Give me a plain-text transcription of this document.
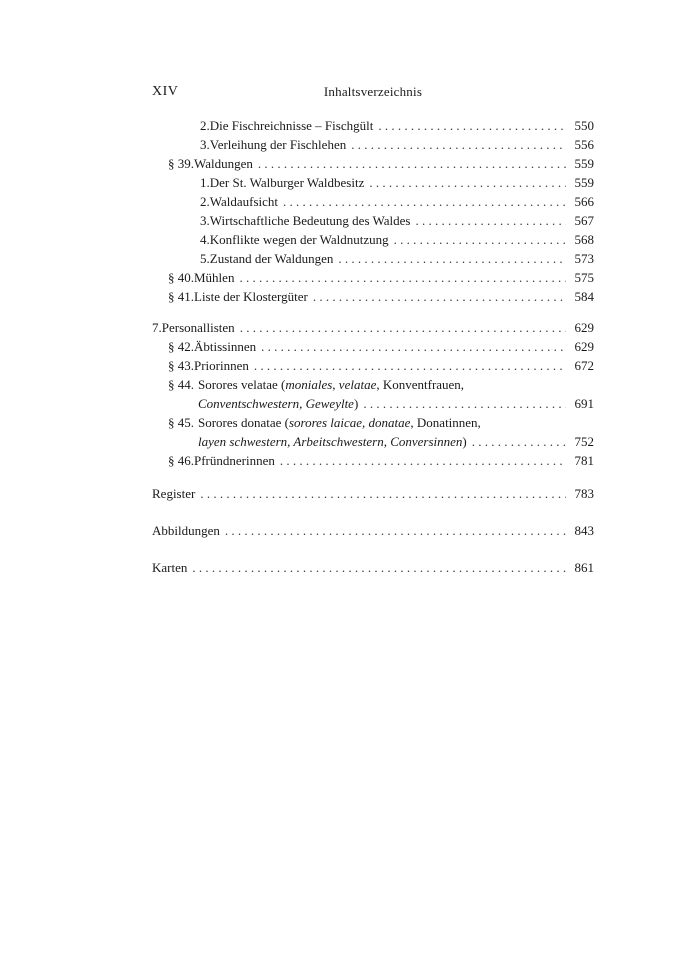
XIV	Inhaltsverzeichnis
2. Die Fischreichnisse – Fischgült . . .	550
3. Verleihung der Fischlehen . . .	556
§ 39. Waldungen . . .	559
1. Der St. Walburger Waldbesitz . . .	559
2. Waldaufsicht . . .	566
3. Wirtschaftliche Bedeutung des Waldes . . .	567
4. Konflikte wegen der Waldnutzung . . .	568
5. Zustand der Waldungen . . .	573
§ 40. Mühlen . . .	575
§ 41. Liste der Klostergüter . . .	584
7. Personallisten . . .	629
§ 42. Äbtissinnen . . .	629
§ 43. Priorinnen . . .	672
§ 44. Sorores velatae (moniales, velatae, Konventfrauen,
Conventschwestern, Geweylte) . . .	691
§ 45. Sorores donatae (sorores laicae, donatae, Donatinnen,
layen schwestern, Arbeitschwestern, Conversinnen) . . .	752
§ 46. Pfründnerinnen . . .	781
Register . . .	783
Abbildungen . . .	843
Karten . . .	861
